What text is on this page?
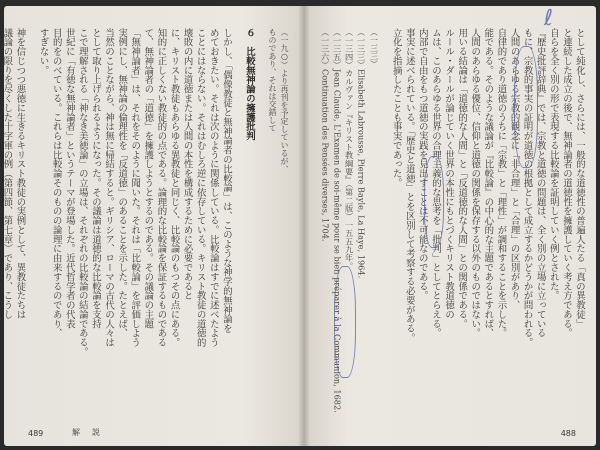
（一九○）より再刊を予定しているが、
ものであり、それは交錯して
６　比較無神論の擁護批判
しかし、「偶像教徒と無神論者の比較論」は、このような神学的無神論を
めておきたい。それは次のように関係している。比較論はすでに述べたよう
ことにはならない。それはむしろ逆に依存している。キリスト教徒の道徳的
壊敗の内に道徳または人間の本性を構成するために必要であると
に、キリスト教徒もあらゆる異教徒と同じく、比較論のもつその点にある。
知的に正しくない教徒的の点である。論理的な比較論を保証するものである
て、無神論者の「道徳」を擁護しようとするのである。その議論の主題
「無神論者」は、それをそのように聞いた。それは「比較論」を評価しよう
実例にし、無神論の倫理性を「反道徳」のあることを示した。たとえば、
当然のことながら、神は無に帰結すると。ギリシア、ローマの古代の人々は
として取り上げられるようになった。その議論は道徳的な比較論を支持
こで理解される「神なき美徳論」の立場は、それぞれの比較論の結論である。
世紀に「有徳な無神論者」というテーマが登場した。近代哲学者の代表
目的をのべている。これらは比較論そのものの論理に由来するのであり、
すぎない。
神を信じつつ悪徳に生きるキリスト教徒の実例として、異教徒たちは
議論の限りを尽くした十字軍の例（第四節、第七章）であり、こうし
489	解　説
として純化し、さらには、一般的な道徳性の普遍人たる「真の異教徒」
と連続した成立の後で、無神論者の道徳性を擁護していく考え方である。
自らを全く別の形で表現する比較論を証明していく例とされた。
『歴史批評辞典』では、宗教と道徳の問題は、全く別の立場に立っている
もに、宗教的事実の証明が道徳の根拠として成立するかどうかが問われる。
人間のあらゆる宗教的観念に「非合理」と「合理」の区別があり、
自律的であり道徳のうちに「宗教」と「理性」が調和することを示した。
能である。そのような議論が『比較論』の中心的な主題であるとすれば、
人間のあらゆる優位、信仰と道徳の関係を保存する以外のものではない。
用いる結論は「道徳的な人間」と「反道徳的な人間」との関係である。
ルール・ダールが論じていく世界の本性にもとづくキリスト教道徳の
ムは、このあらゆる世界の合理主義的な思考を「批判」としてとらえる。
内部で自由をもつ道徳の実践を見出すことは不可能なのである。
事実に述べられている。「歴史と道徳」とを区別して考察する必要がある。
立化を指摘したことも事実であった。
（一三三）
（一三三）Elisabeth Labrousse, Pierre Bayle, La Haye, 1964.
（一三四）カルヴァン『キリスト教綱要』（第二版）一五五九年。
（一三五）Jean Claude, L'Examen de soi-même pour se bien préparer à la Communion, 1682.
（一三六）Continuation des Pensées diverses, 1704.
488
ℓ
